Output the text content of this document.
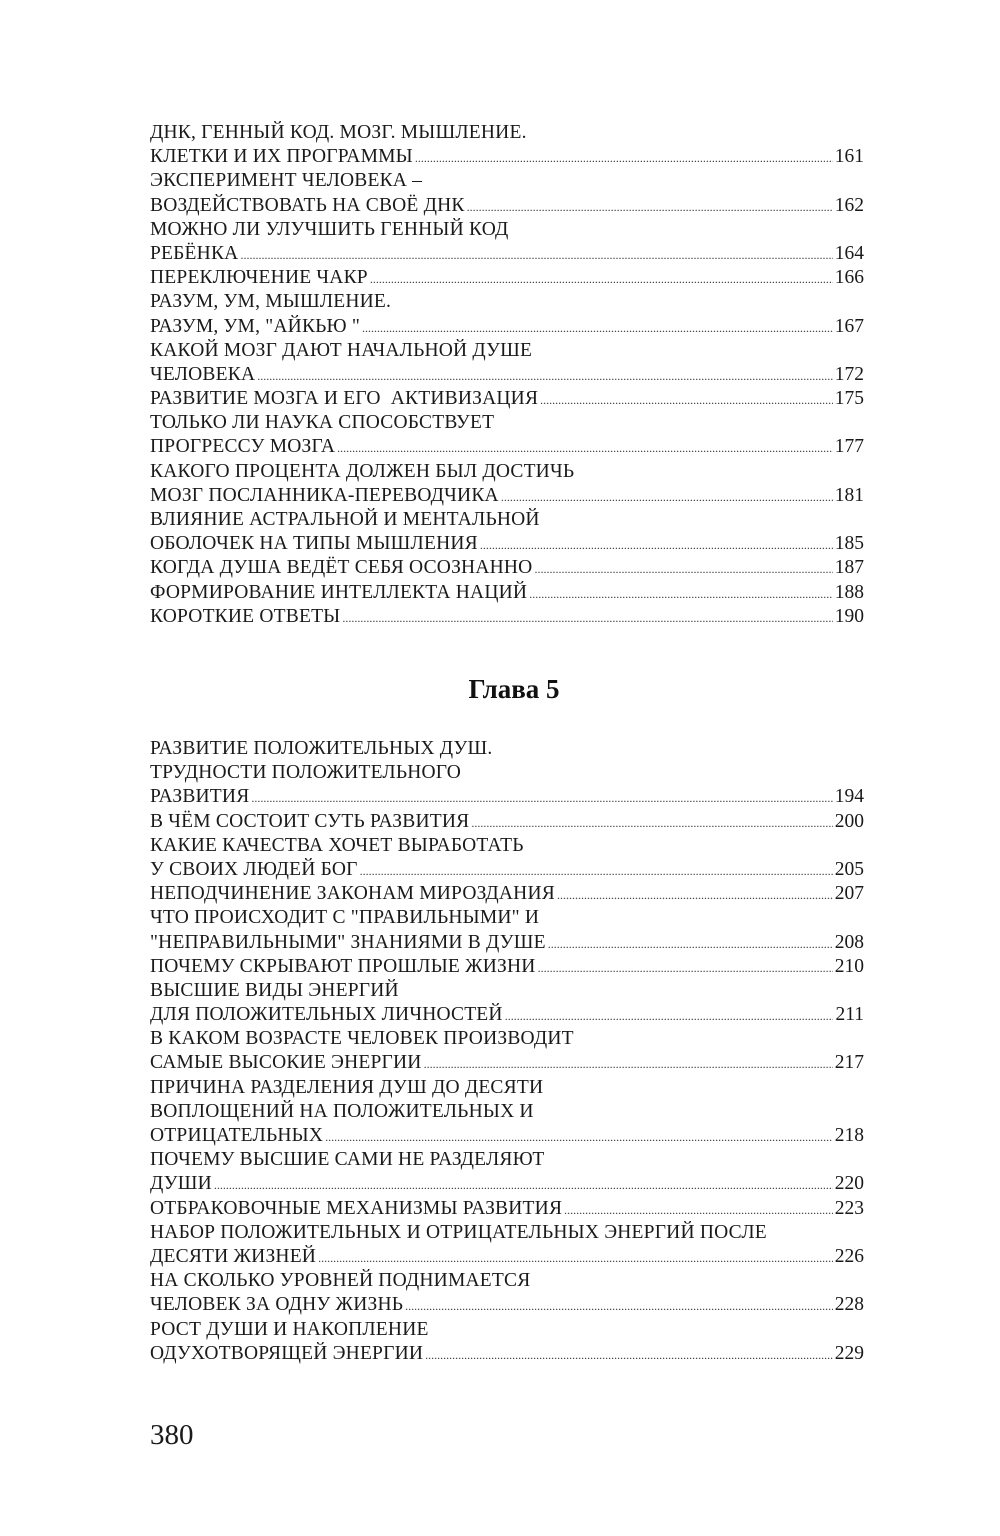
ДНК, ГЕННЫЙ КОД. МОЗГ. МЫШЛЕНИЕ.
КЛЕТКИ И ИХ ПРОГРАММЫ .....	161
ЭКСПЕРИМЕНТ ЧЕЛОВЕКА –
ВОЗДЕЙСТВОВАТЬ НА СВОЁ ДНК .....	162
МОЖНО ЛИ УЛУЧШИТЬ ГЕННЫЙ КОД
РЕБЁНКА .....	164
ПЕРЕКЛЮЧЕНИЕ ЧАКР .....	166
РАЗУМ, УМ, МЫШЛЕНИЕ.
РАЗУМ, УМ, "АЙКЬЮ " .....	167
КАКОЙ МОЗГ ДАЮТ НАЧАЛЬНОЙ ДУШЕ
ЧЕЛОВЕКА .....	172
РАЗВИТИЕ МОЗГА И ЕГО  АКТИВИЗАЦИЯ .....	175
ТОЛЬКО ЛИ НАУКА СПОСОБСТВУЕТ
ПРОГРЕССУ МОЗГА .....	177
КАКОГО ПРОЦЕНТА ДОЛЖЕН БЫЛ ДОСТИЧЬ
МОЗГ ПОСЛАННИКА-ПЕРЕВОДЧИКА .....	181
ВЛИЯНИЕ АСТРАЛЬНОЙ И МЕНТАЛЬНОЙ
ОБОЛОЧЕК НА ТИПЫ МЫШЛЕНИЯ .....	185
КОГДА ДУША ВЕДЁТ СЕБЯ ОСОЗНАННО .....	187
ФОРМИРОВАНИЕ ИНТЕЛЛЕКТА НАЦИЙ .....	188
КОРОТКИЕ ОТВЕТЫ .....	190
Глава 5
РАЗВИТИЕ ПОЛОЖИТЕЛЬНЫХ ДУШ.
ТРУДНОСТИ ПОЛОЖИТЕЛЬНОГО
РАЗВИТИЯ .....	194
В ЧЁМ СОСТОИТ СУТЬ РАЗВИТИЯ .....	200
КАКИЕ КАЧЕСТВА ХОЧЕТ ВЫРАБОТАТЬ
У СВОИХ ЛЮДЕЙ БОГ .....	205
НЕПОДЧИНЕНИЕ ЗАКОНАМ МИРОЗДАНИЯ .....	207
ЧТО ПРОИСХОДИТ С "ПРАВИЛЬНЫМИ" И
"НЕПРАВИЛЬНЫМИ" ЗНАНИЯМИ В ДУШЕ .....	208
ПОЧЕМУ СКРЫВАЮТ ПРОШЛЫЕ ЖИЗНИ .....	210
ВЫСШИЕ ВИДЫ ЭНЕРГИЙ
ДЛЯ ПОЛОЖИТЕЛЬНЫХ ЛИЧНОСТЕЙ .....	211
В КАКОМ ВОЗРАСТЕ ЧЕЛОВЕК ПРОИЗВОДИТ
САМЫЕ ВЫСОКИЕ ЭНЕРГИИ .....	217
ПРИЧИНА РАЗДЕЛЕНИЯ ДУШ ДО ДЕСЯТИ
ВОПЛОЩЕНИЙ НА ПОЛОЖИТЕЛЬНЫХ И
ОТРИЦАТЕЛЬНЫХ .....	218
ПОЧЕМУ ВЫСШИЕ САМИ НЕ РАЗДЕЛЯЮТ
ДУШИ .....	220
ОТБРАКОВОЧНЫЕ МЕХАНИЗМЫ РАЗВИТИЯ .....	223
НАБОР ПОЛОЖИТЕЛЬНЫХ И ОТРИЦАТЕЛЬНЫХ ЭНЕРГИЙ ПОСЛЕ
ДЕСЯТИ ЖИЗНЕЙ .....	226
НА СКОЛЬКО УРОВНЕЙ ПОДНИМАЕТСЯ
ЧЕЛОВЕК ЗА ОДНУ ЖИЗНЬ .....	228
РОСТ ДУШИ И НАКОПЛЕНИЕ
ОДУХОТВОРЯЩЕЙ ЭНЕРГИИ .....	229
380
